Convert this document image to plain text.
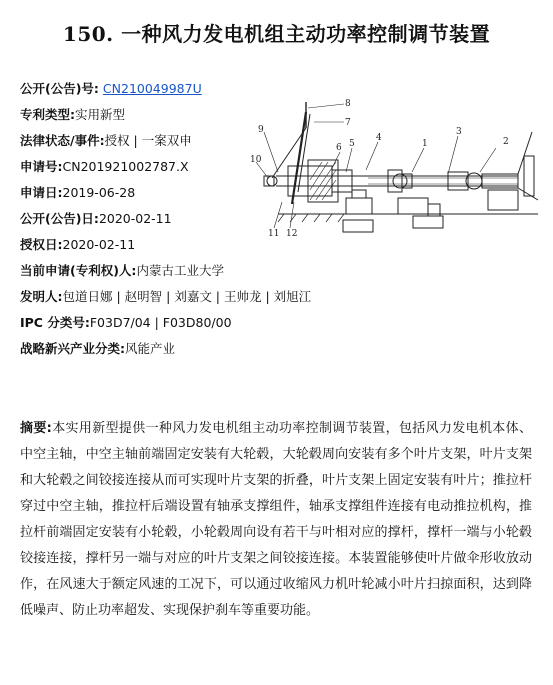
150. 一种风力发电机组主动功率控制调节装置
公开(公告)号: CN210049987U
专利类型:实用新型
法律状态/事件:授权 | 一案双申
申请号:CN201921002787.X
申请日:2019-06-28
公开(公告)日:2020-02-11
授权日:2020-02-11
当前申请(专利权)人:内蒙古工业大学
发明人:包道日娜 | 赵明智 | 刘嘉文 | 王帅龙 | 刘旭江
IPC 分类号:F03D7/04 | F03D80/00
战略新兴产业分类:风能产业
2
1
3
4
5
6
7
8
9
10
11 12
摘要:本实用新型提供一种风力发电机组主动功率控制调节装置，包括风力发电机本体、中空主轴，中空主轴前端固定安装有大轮毂，大轮毂周向安装有多个叶片支架，叶片支架和大轮毂之间铰接连接从而可实现叶片支架的折叠，叶片支架上固定安装有叶片；推拉杆穿过中空主轴，推拉杆后端设置有轴承支撑组件，轴承支撑组件连接有电动推拉机构，推拉杆前端固定安装有小轮毂，小轮毂周向设有若干与叶相对应的撑杆，撑杆一端与小轮毂铰接连接，撑杆另一端与对应的叶片支架之间铰接连接。本装置能够使叶片做伞形收放动作，在风速大于额定风速的工况下，可以通过收缩风力机叶轮减小叶片扫掠面积，达到降低噪声、防止功率超发、实现保护刹车等重要功能。
